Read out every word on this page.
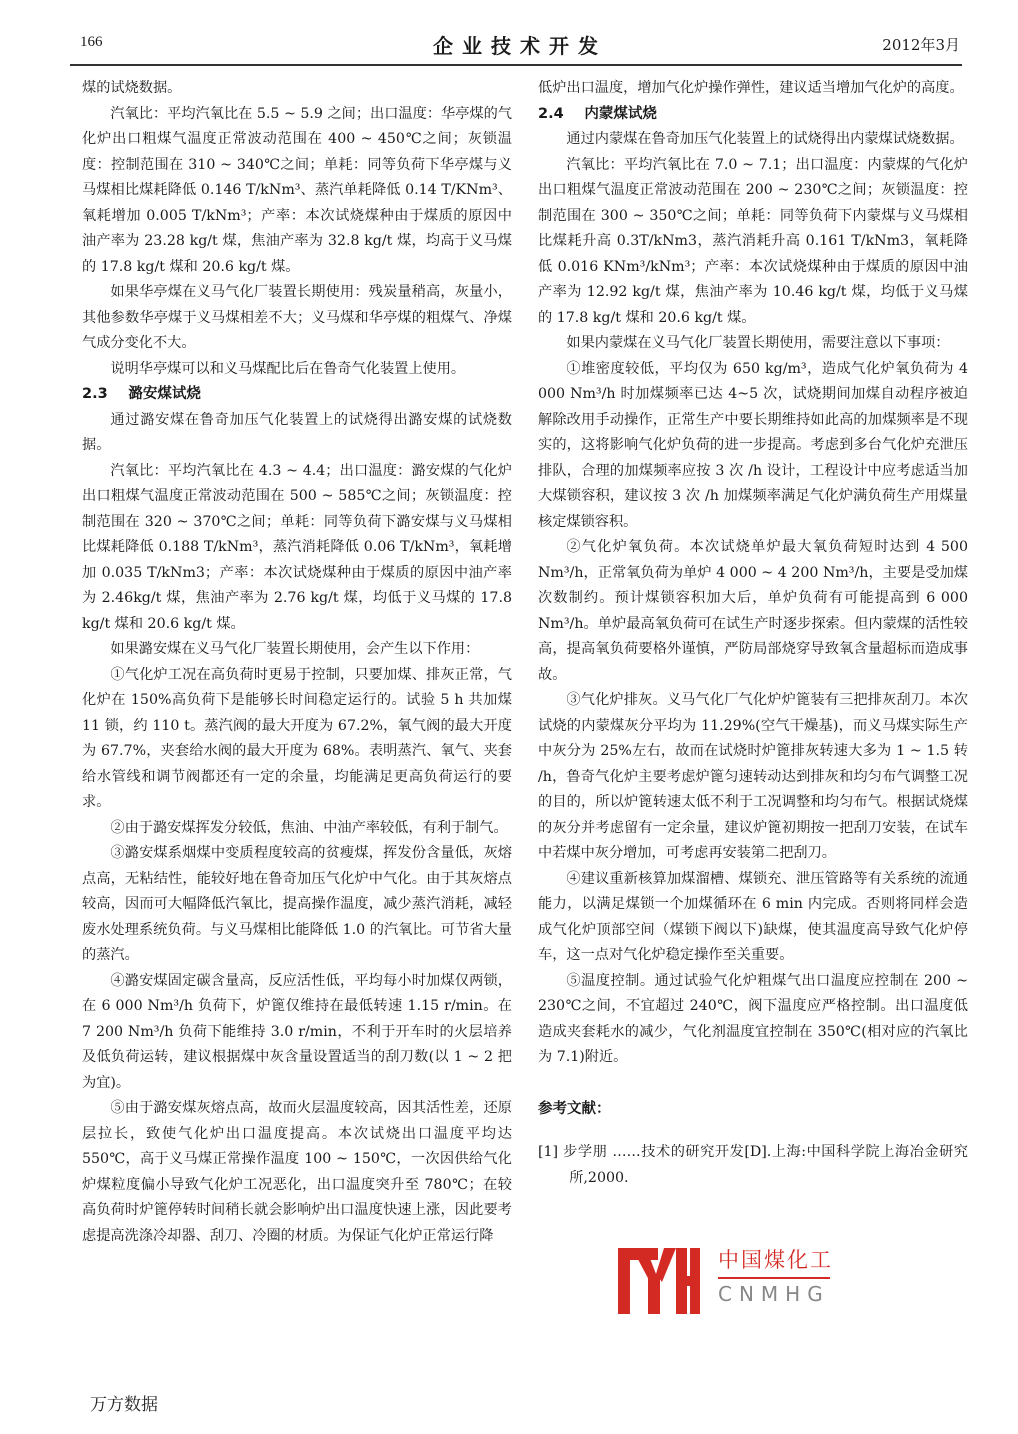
166	企业技术开发	2012年3月

煤的试烧数据。

汽氧比：平均汽氧比在 5.5 ~ 5.9 之间；出口温度：华亭煤的气化炉出口粗煤气温度正常波动范围在 400 ~ 450℃之间；灰锁温度：控制范围在 310 ~ 340℃之间；单耗：同等负荷下华亭煤与义马煤相比煤耗降低 0.146 T/kNm³、蒸汽单耗降低 0.14 T/KNm³、氧耗增加 0.005 T/kNm³；产率：本次试烧煤种由于煤质的原因中油产率为 23.28 kg/t 煤，焦油产率为 32.8 kg/t 煤，均高于义马煤的 17.8 kg/t 煤和 20.6 kg/t 煤。

如果华亭煤在义马气化厂装置长期使用：残炭量稍高，灰量小，其他参数华亭煤于义马煤相差不大；义马煤和华亭煤的粗煤气、净煤气成分变化不大。

说明华亭煤可以和义马煤配比后在鲁奇气化装置上使用。

2.3 潞安煤试烧

通过潞安煤在鲁奇加压气化装置上的试烧得出潞安煤的试烧数据。

汽氧比：平均汽氧比在 4.3 ~ 4.4；出口温度：潞安煤的气化炉出口粗煤气温度正常波动范围在 500 ~ 585℃之间；灰锁温度：控制范围在 320 ~ 370℃之间；单耗：同等负荷下潞安煤与义马煤相比煤耗降低 0.188 T/kNm³，蒸汽消耗降低 0.06 T/kNm³，氧耗增加 0.035 T/kNm3；产率：本次试烧煤种由于煤质的原因中油产率为 2.46kg/t 煤，焦油产率为 2.76 kg/t 煤，均低于义马煤的 17.8 kg/t 煤和 20.6 kg/t 煤。

如果潞安煤在义马气化厂装置长期使用，会产生以下作用：

①气化炉工况在高负荷时更易于控制，只要加煤、排灰正常，气化炉在 150%高负荷下是能够长时间稳定运行的。试验 5 h 共加煤 11 锁，约 110 t。蒸汽阀的最大开度为 67.2%，氧气阀的最大开度为 67.7%，夹套给水阀的最大开度为 68%。表明蒸汽、氧气、夹套给水管线和调节阀都还有一定的余量，均能满足更高负荷运行的要求。

②由于潞安煤挥发分较低，焦油、中油产率较低，有利于制气。

③潞安煤系烟煤中变质程度较高的贫瘦煤，挥发份含量低，灰熔点高，无粘结性，能较好地在鲁奇加压气化炉中气化。由于其灰熔点较高，因而可大幅降低汽氧比，提高操作温度，减少蒸汽消耗，减轻废水处理系统负荷。与义马煤相比能降低 1.0 的汽氧比。可节省大量的蒸汽。

④潞安煤固定碳含量高，反应活性低，平均每小时加煤仅两锁，在 6 000 Nm³/h 负荷下，炉篦仅维持在最低转速 1.15 r/min。在 7 200 Nm³/h 负荷下能维持 3.0 r/min，不利于开车时的火层培养及低负荷运转，建议根据煤中灰含量设置适当的刮刀数(以 1 ~ 2 把为宜)。

⑤由于潞安煤灰熔点高，故而火层温度较高，因其活性差，还原层拉长，致使气化炉出口温度提高。本次试烧出口温度平均达 550℃，高于义马煤正常操作温度 100 ~ 150℃，一次因供给气化炉煤粒度偏小导致气化炉工况恶化，出口温度突升至 780℃；在较高负荷时炉篦停转时间稍长就会影响炉出口温度快速上涨，因此要考虑提高洗涤冷却器、刮刀、冷圈的材质。为保证气化炉正常运行降

低炉出口温度，增加气化炉操作弹性，建议适当增加气化炉的高度。

2.4 内蒙煤试烧

通过内蒙煤在鲁奇加压气化装置上的试烧得出内蒙煤试烧数据。

汽氧比：平均汽氧比在 7.0 ~ 7.1；出口温度：内蒙煤的气化炉出口粗煤气温度正常波动范围在 200 ~ 230℃之间；灰锁温度：控制范围在 300 ~ 350℃之间；单耗：同等负荷下内蒙煤与义马煤相比煤耗升高 0.3T/kNm3，蒸汽消耗升高 0.161 T/kNm3，氧耗降低 0.016 KNm³/kNm³；产率：本次试烧煤种由于煤质的原因中油产率为 12.92 kg/t 煤，焦油产率为 10.46 kg/t 煤，均低于义马煤的 17.8 kg/t 煤和 20.6 kg/t 煤。

如果内蒙煤在义马气化厂装置长期使用，需要注意以下事项：

①堆密度较低，平均仅为 650 kg/m³，造成气化炉氧负荷为 4 000 Nm³/h 时加煤频率已达 4~5 次，试烧期间加煤自动程序被迫解除改用手动操作，正常生产中要长期维持如此高的加煤频率是不现实的，这将影响气化炉负荷的进一步提高。考虑到多台气化炉充泄压排队，合理的加煤频率应按 3 次 /h 设计，工程设计中应考虑适当加大煤锁容积，建议按 3 次 /h 加煤频率满足气化炉满负荷生产用煤量核定煤锁容积。

②气化炉氧负荷。本次试烧单炉最大氧负荷短时达到 4 500 Nm³/h，正常氧负荷为单炉 4 000 ~ 4 200 Nm³/h，主要是受加煤次数制约。预计煤锁容积加大后，单炉负荷有可能提高到 6 000 Nm³/h。单炉最高氧负荷可在试生产时逐步探索。但内蒙煤的活性较高，提高氧负荷要格外谨慎，严防局部烧穿导致氧含量超标而造成事故。

③气化炉排灰。义马气化厂气化炉炉篦装有三把排灰刮刀。本次试烧的内蒙煤灰分平均为 11.29%(空气干燥基)，而义马煤实际生产中灰分为 25%左右，故而在试烧时炉篦排灰转速大多为 1 ~ 1.5 转 /h，鲁奇气化炉主要考虑炉篦匀速转动达到排灰和均匀布气调整工况的目的，所以炉篦转速太低不利于工况调整和均匀布气。根据试烧煤的灰分并考虑留有一定余量，建议炉篦初期按一把刮刀安装，在试车中若煤中灰分增加，可考虑再安装第二把刮刀。

④建议重新核算加煤溜槽、煤锁充、泄压管路等有关系统的流通能力，以满足煤锁一个加煤循环在 6 min 内完成。否则将同样会造成气化炉顶部空间（煤锁下阀以下)缺煤，使其温度高导致气化炉停车，这一点对气化炉稳定操作至关重要。

⑤温度控制。通过试验气化炉粗煤气出口温度应控制在 200 ~ 230℃之间，不宜超过 240℃，阀下温度应严格控制。出口温度低造成夹套耗水的减少，气化剂温度宜控制在 350℃(相对应的汽氧比为 7.1)附近。

参考文献：

[1] 步学朋 ……技术的研究开发[D].上海:中国科学院上海冶金研究所,2000.

中国煤化工
CNMHG
万方数据
